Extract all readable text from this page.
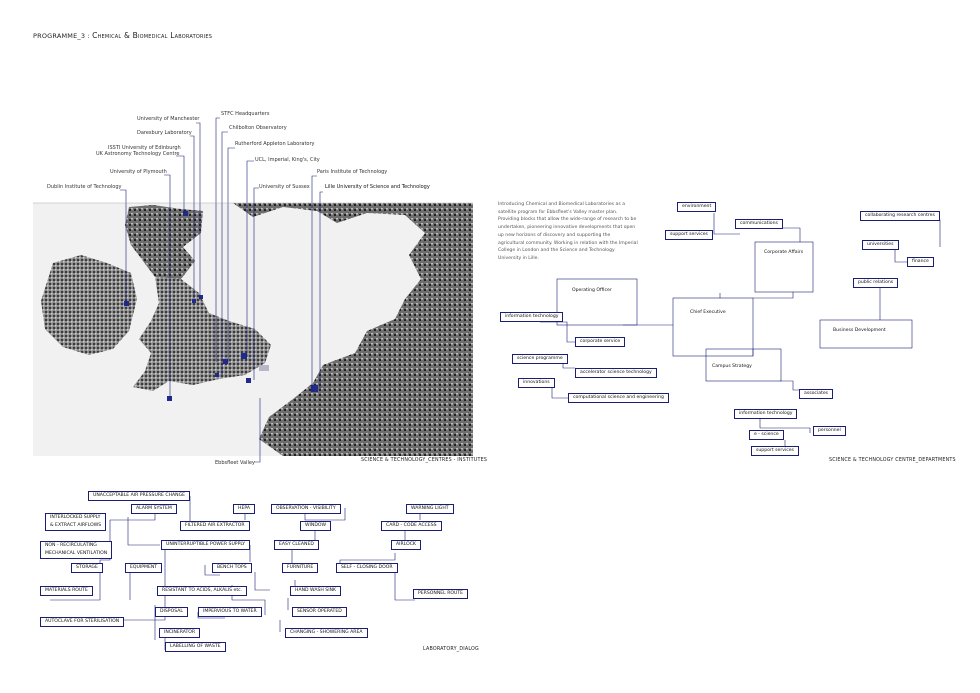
PROGRAMME_3 : Chemical & Biomedical Laboratories
University of Manchester
Daresbury Laboratory
ISSTI University of Edinburgh
UK Astronomy Technology Centre
University of Plymouth
Dublin Institute of Technology
STFC Headquarters
Chilbolton Observatory
Rutherford Appleton Laboratory
UCL, Imperial, King's, City
University of Sussex
Paris Institute of Technology
Lille University of Science and Technology
Ebbsfleet Valley	SCIENCE & TECHNOLOGY_CENTRES - INSTITUTES
Introducing Chemical and Biomedical Laboratories as a satellite program for Ebbsfleet's Valley master plan. Providing blocks that allow the wide-range of research to be undertaken, pioneering innovative developments that open up new horizons of discovery and supporting the agricultural community. Working in relation with the Imperial College in London and the Science and Technology University in Lille.
environment
support services
communications
collaborating research centres
universities
finance
Corporate Affairs
public relations
Operating Officer
Chief Executive
information technology
Business Development
corporate service
science programme
accelerator science technology
innovations
computational science and engineering
Campus Strategy
associates
information technology
personnel
e - science
support services
SCIENCE & TECHNOLOGY CENTRE_DEPARTMENTS
UNACCEPTABLE AIR PRESSURE CHANGE
ALARM SYSTEM	HEPA	OBSERVATION - VISIBILITY	WARNING LIGHT
INTERLOCKED SUPPLY
& EXTRACT AIRFLOWS	FILTERED AIR EXTRACTOR	WINDOW	CARD - CODE ACCESS
NON - RECIRCULATING
MECHANICAL VENTILATION
UNINTERRUPTIBLE POWER SUPPLY	EASY CLEANED	AIRLOCK
STORAGE	EQUIPMENT	BENCH TOPS	FURNITURE	SELF - CLOSING DOOR
MATERIALS ROUTE	RESISTANT TO ACIDS, ALKALIS etc.	HAND WASH SINK
PERSONNEL ROUTE
DISPOSAL	IMPERVIOUS TO WATER	SENSOR OPERATED
AUTOCLAVE FOR STERILISATION
INCINERATOR	CHANGING - SHOWERING AREA
LABELLING OF WASTE
LABORATORY_DIALOG
